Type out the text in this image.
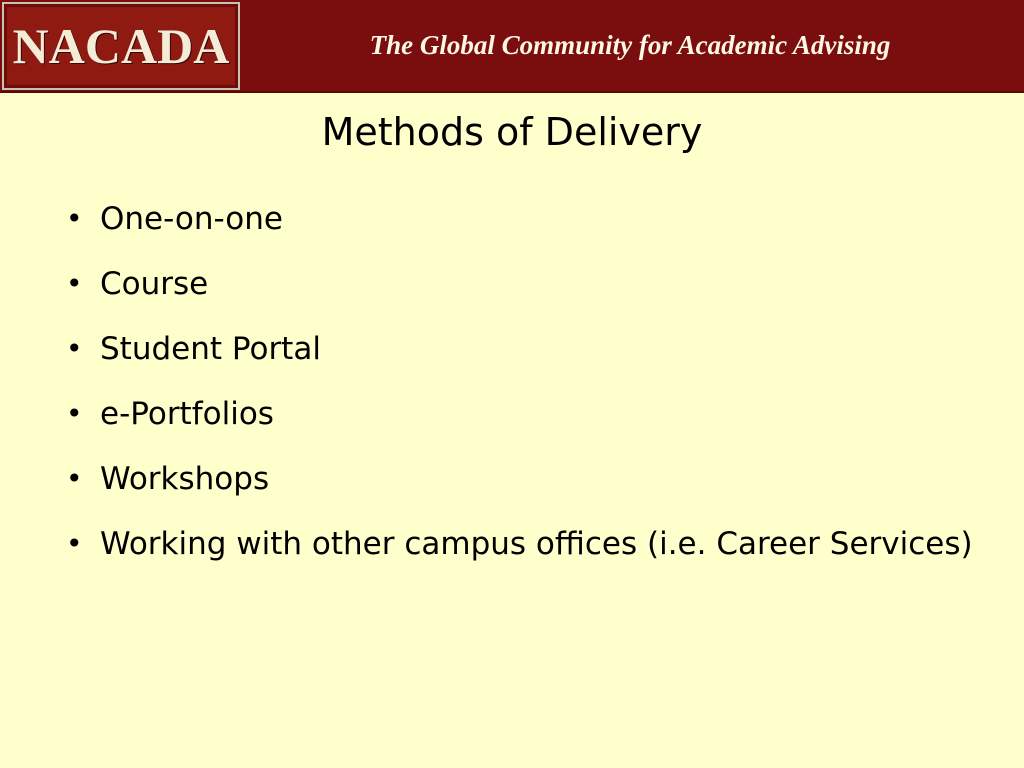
NACADA	The Global Community for Academic Advising
Methods of Delivery
• One-on-one
• Course
• Student Portal
• e-Portfolios
• Workshops
• Working with other campus offices (i.e. Career Services)
